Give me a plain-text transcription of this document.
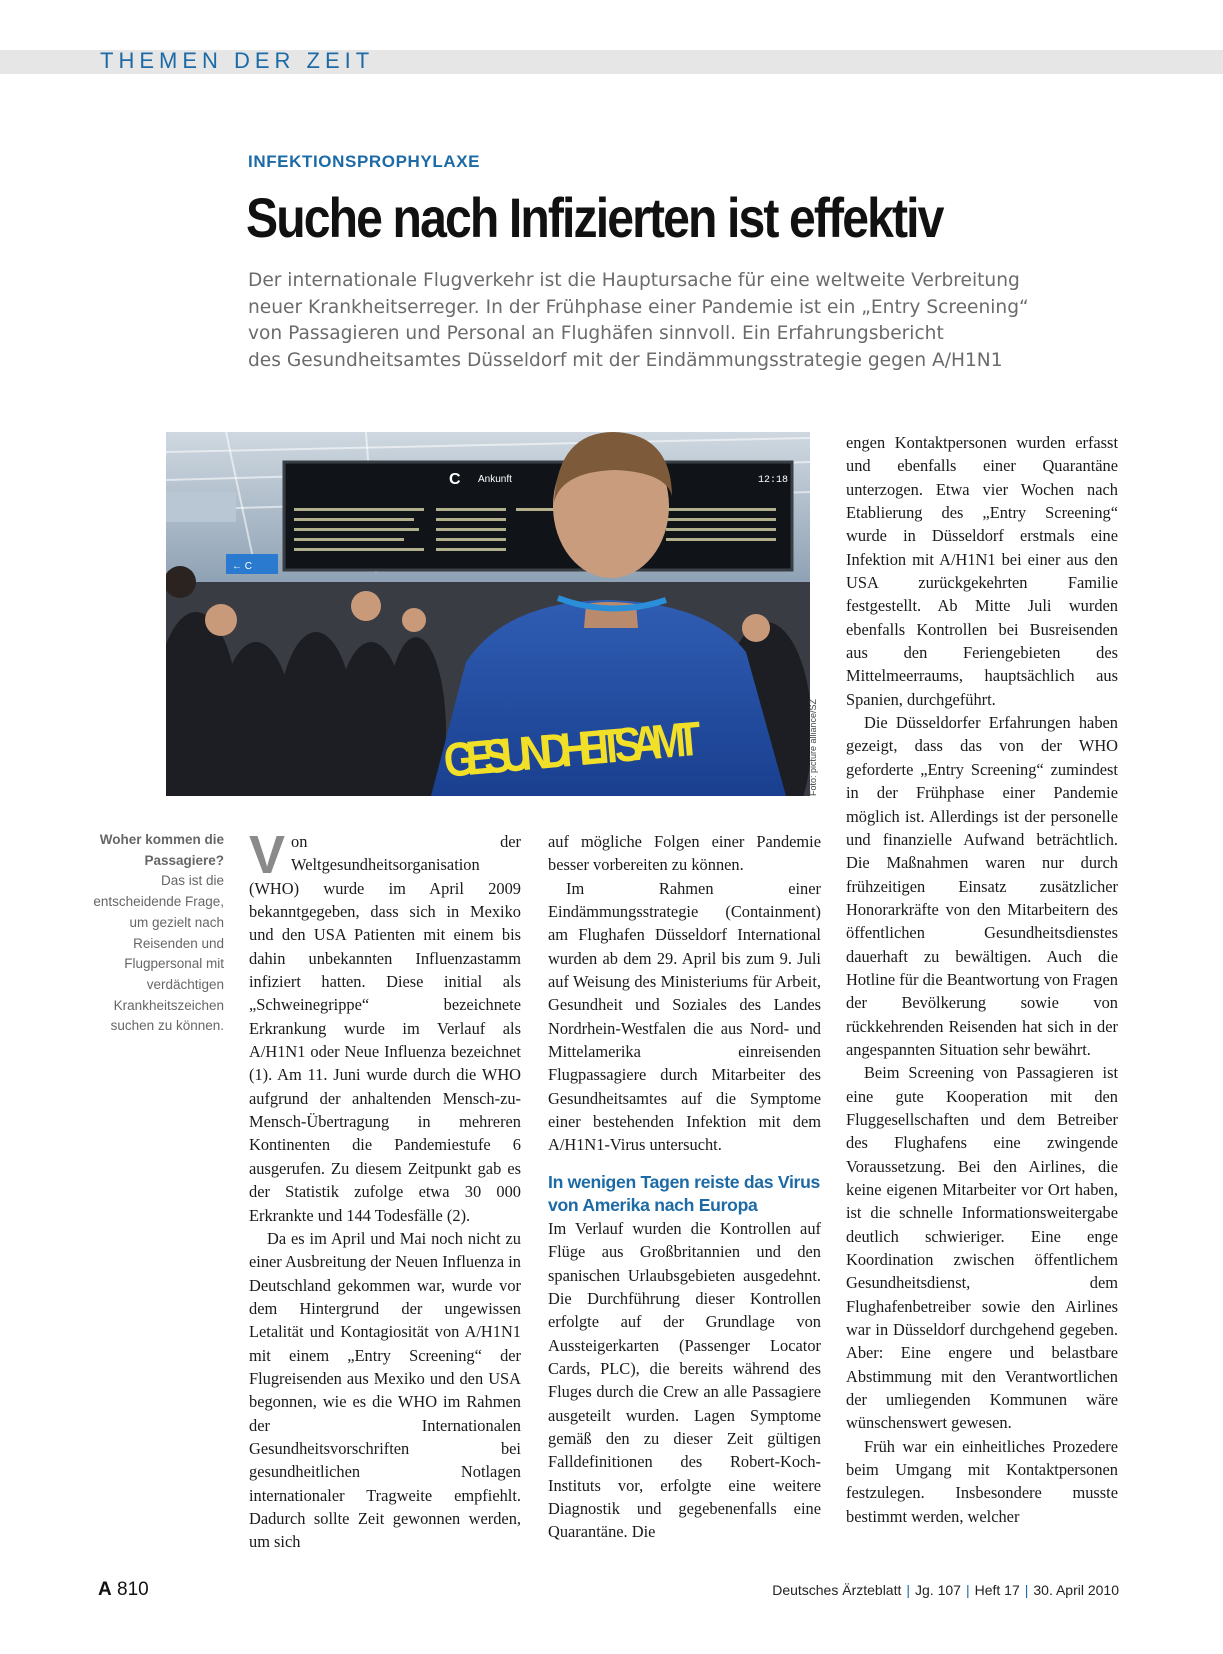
THEMEN DER ZEIT
INFEKTIONSPROPHYLAXE
Suche nach Infizierten ist effektiv
Der internationale Flugverkehr ist die Hauptursache für eine weltweite Verbreitung
neuer Krankheitserreger. In der Frühphase einer Pandemie ist ein „Entry Screening“
von Passagieren und Personal an Flughäfen sinnvoll. Ein Erfahrungsbericht
des Gesundheitsamtes Düsseldorf mit der Eindämmungsstrategie gegen A/H1N1
← C
C Ankunft	12:18
GESUNDHEITSAMT	Foto: picture alliance/SZ
Woher kommen die Passagiere?
Das ist die entscheidende Frage, um gezielt nach Reisenden und Flugpersonal mit verdächtigen Krankheitszeichen suchen zu können.

Von der Weltgesundheitsorganisation (WHO) wurde im April 2009 bekanntgegeben, dass sich in Mexiko und den USA Patienten mit einem bis dahin unbekannten Influenzastamm infiziert hatten. Diese initial als „Schweinegrippe“ bezeichnete Erkrankung wurde im Verlauf als A/H1N1 oder Neue Influenza bezeichnet (1). Am 11. Juni wurde durch die WHO aufgrund der anhaltenden Mensch-zu-Mensch-Übertragung in mehreren Kontinenten die Pandemiestufe 6 ausgerufen. Zu diesem Zeitpunkt gab es der Statistik zufolge etwa 30 000 Erkrankte und 144 Todesfälle (2).

Da es im April und Mai noch nicht zu einer Ausbreitung der Neuen Influenza in Deutschland gekommen war, wurde vor dem Hintergrund der ungewissen Letalität und Kontagiosität von A/H1N1 mit einem „Entry Screening“ der Flugreisenden aus Mexiko und den USA begonnen, wie es die WHO im Rahmen der Internationalen Gesundheitsvorschriften bei gesundheitlichen Notlagen internationaler Tragweite empfiehlt. Dadurch sollte Zeit gewonnen werden, um sich

auf mögliche Folgen einer Pandemie besser vorbereiten zu können.

Im Rahmen einer Eindämmungsstrategie (Containment) am Flughafen Düsseldorf International wurden ab dem 29. April bis zum 9. Juli auf Weisung des Ministeriums für Arbeit, Gesundheit und Soziales des Landes Nordrhein-Westfalen die aus Nord- und Mittelamerika einreisenden Flugpassagiere durch Mitarbeiter des Gesundheitsamtes auf die Symptome einer bestehenden Infektion mit dem A/H1N1-Virus untersucht.

In wenigen Tagen reiste das Virus von Amerika nach Europa

Im Verlauf wurden die Kontrollen auf Flüge aus Großbritannien und den spanischen Urlaubsgebieten ausgedehnt. Die Durchführung dieser Kontrollen erfolgte auf der Grundlage von Aussteigerkarten (Passenger Locator Cards, PLC), die bereits während des Fluges durch die Crew an alle Passagiere ausgeteilt wurden. Lagen Symptome gemäß den zu dieser Zeit gültigen Falldefinitionen des Robert-Koch-Instituts vor, erfolgte eine weitere Diagnostik und gegebenenfalls eine Quarantäne. Die

engen Kontaktpersonen wurden erfasst und ebenfalls einer Quarantäne unterzogen. Etwa vier Wochen nach Etablierung des „Entry Screening“ wurde in Düsseldorf erstmals eine Infektion mit A/H1N1 bei einer aus den USA zurückgekehrten Familie festgestellt. Ab Mitte Juli wurden ebenfalls Kontrollen bei Busreisenden aus den Feriengebieten des Mittelmeerraums, hauptsächlich aus Spanien, durchgeführt.

Die Düsseldorfer Erfahrungen haben gezeigt, dass das von der WHO geforderte „Entry Screening“ zumindest in der Frühphase einer Pandemie möglich ist. Allerdings ist der personelle und finanzielle Aufwand beträchtlich. Die Maßnahmen waren nur durch frühzeitigen Einsatz zusätzlicher Honorarkräfte von den Mitarbeitern des öffentlichen Gesundheitsdienstes dauerhaft zu bewältigen. Auch die Hotline für die Beantwortung von Fragen der Bevölkerung sowie von rückkehrenden Reisenden hat sich in der angespannten Situation sehr bewährt.

Beim Screening von Passagieren ist eine gute Kooperation mit den Fluggesellschaften und dem Betreiber des Flughafens eine zwingende Voraussetzung. Bei den Airlines, die keine eigenen Mitarbeiter vor Ort haben, ist die schnelle Informationsweitergabe deutlich schwieriger. Eine enge Koordination zwischen öffentlichem Gesundheitsdienst, dem Flughafenbetreiber sowie den Airlines war in Düsseldorf durchgehend gegeben. Aber: Eine engere und belastbare Abstimmung mit den Verantwortlichen der umliegenden Kommunen wäre wünschenswert gewesen.

Früh war ein einheitliches Prozedere beim Umgang mit Kontaktpersonen festzulegen. Insbesondere musste bestimmt werden, welcher

A 810	Deutsches Ärzteblatt | Jg. 107 | Heft 17 | 30. April 2010
